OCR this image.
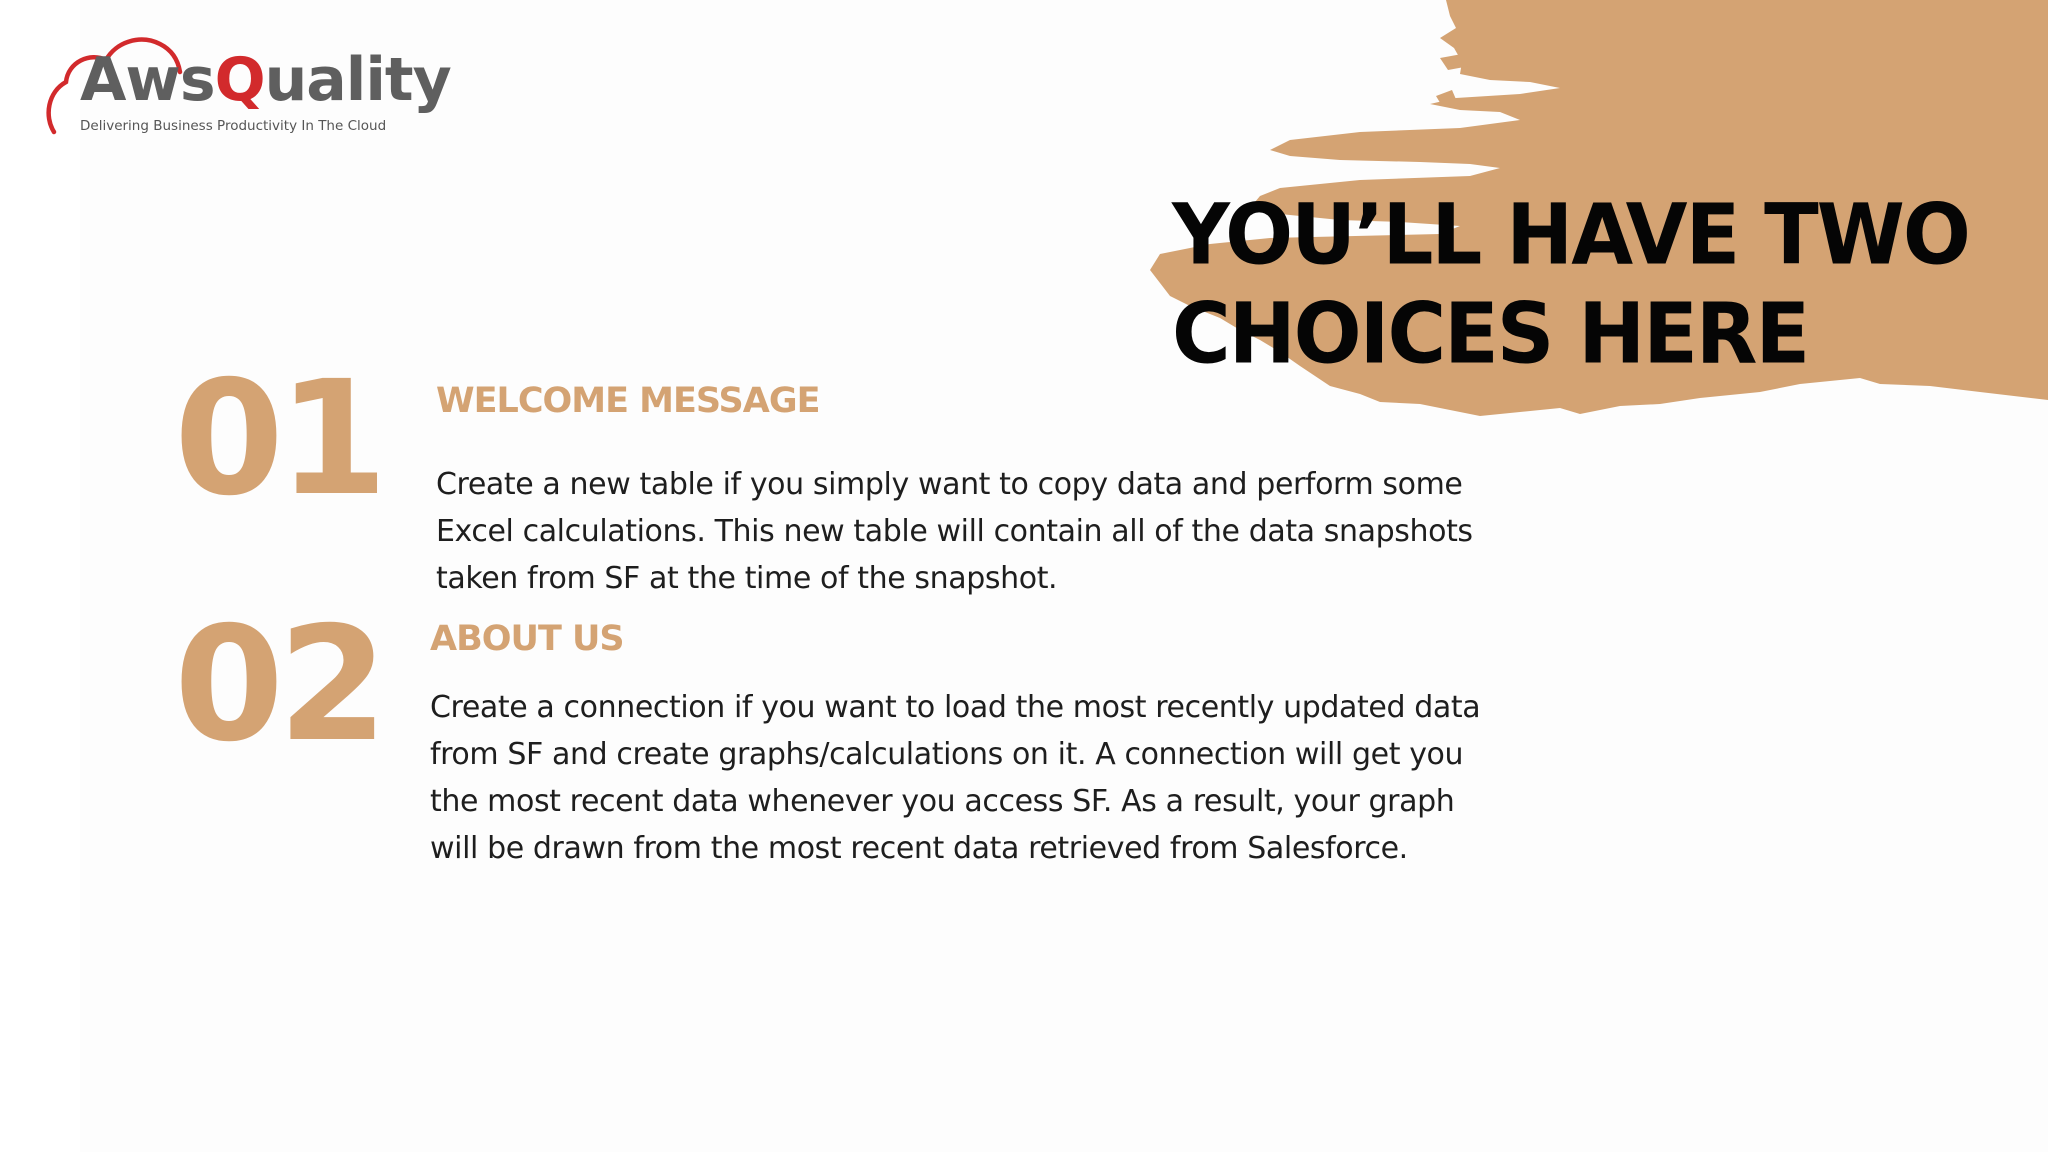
AwsQuality
Delivering Business Productivity In The Cloud
YOU’LL HAVE TWO CHOICES HERE
01 WELCOME MESSAGE

Create a new table if you simply want to copy data and perform some Excel calculations. This new table will contain all of the data snapshots taken from SF at the time of the snapshot.

02 ABOUT US

Create a connection if you want to load the most recently updated data from SF and create graphs/calculations on it. A connection will get you the most recent data whenever you access SF. As a result, your graph will be drawn from the most recent data retrieved from Salesforce.
